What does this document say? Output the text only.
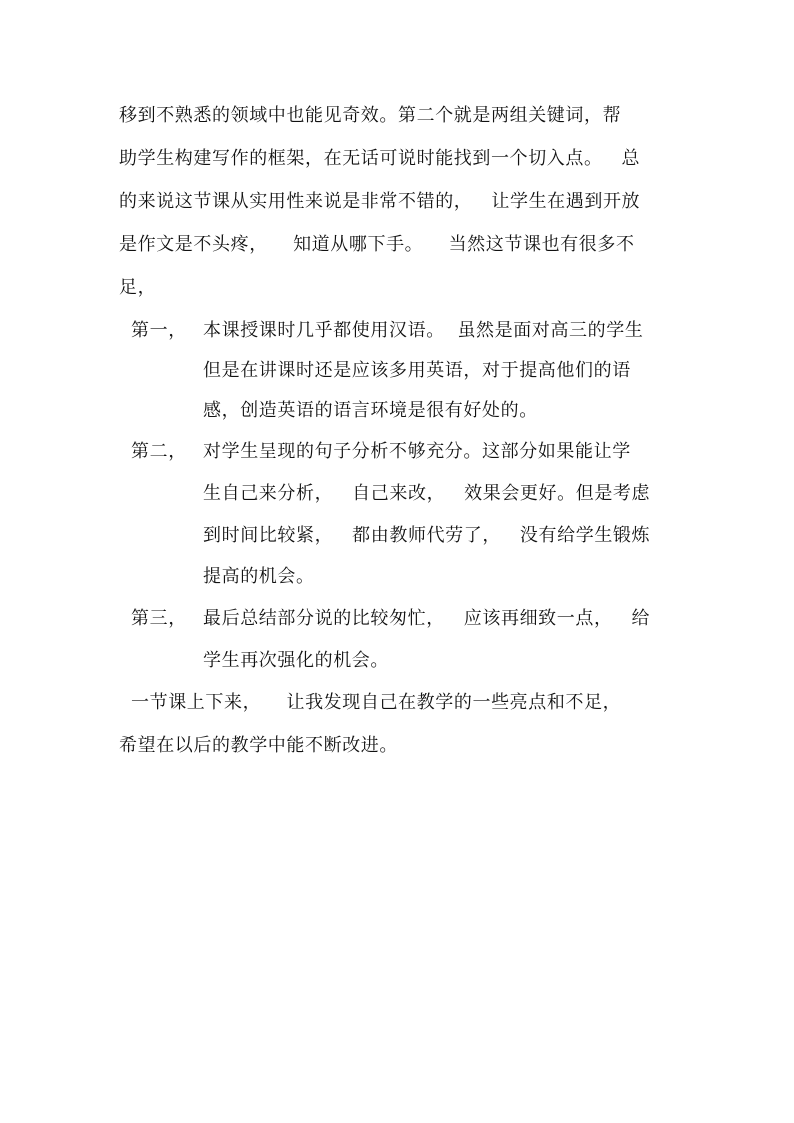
移到不熟悉的领域中也能见奇效。第二个就是两组关键词，帮
助学生构建写作的框架，在无话可说时能找到一个切入点。   总
的来说这节课从实用性来说是非常不错的，   让学生在遇到开放
是作文是不头疼，    知道从哪下手。    当然这节课也有很多不
足，
第一， 本课授课时几乎都使用汉语。  虽然是面对高三的学生
但是在讲课时还是应该多用英语，对于提高他们的语
感，创造英语的语言环境是很有好处的。
第二， 对学生呈现的句子分析不够充分。这部分如果能让学
生自己来分析，   自己来改，   效果会更好。但是考虑
到时间比较紧，   都由教师代劳了，   没有给学生锻炼
提高的机会。
第三， 最后总结部分说的比较匆忙，   应该再细致一点，   给
学生再次强化的机会。
一节课上下来，    让我发现自己在教学的一些亮点和不足，
希望在以后的教学中能不断改进。
